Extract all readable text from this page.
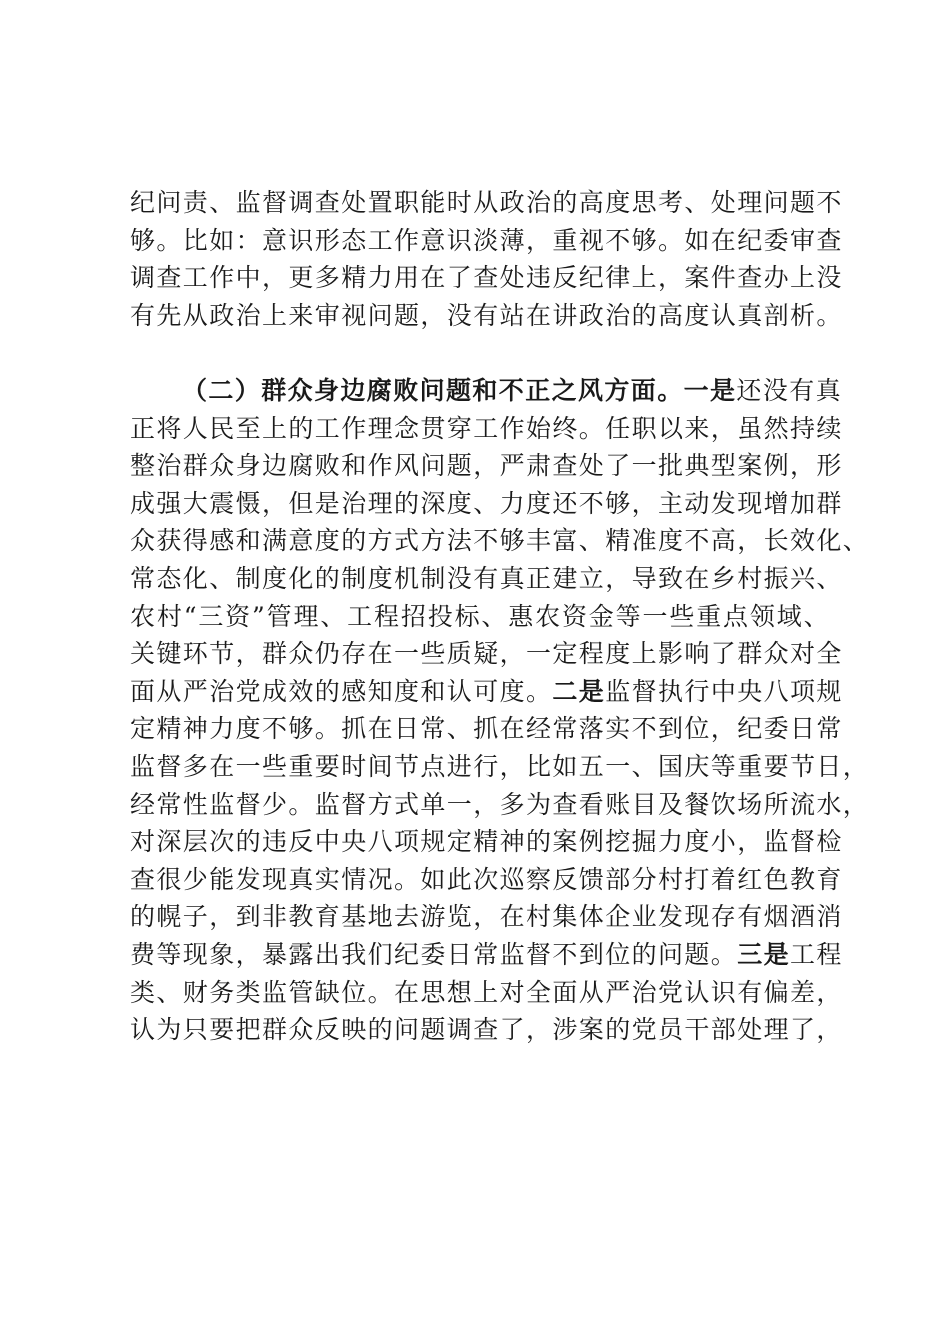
纪问责、监督调查处置职能时从政治的高度思考、处理问题不
够。比如：意识形态工作意识淡薄，重视不够。如在纪委审查
调查工作中，更多精力用在了查处违反纪律上，案件查办上没
有先从政治上来审视问题，没有站在讲政治的高度认真剖析。
（二）群众身边腐败问题和不正之风方面。一是还没有真
正将人民至上的工作理念贯穿工作始终。任职以来，虽然持续
整治群众身边腐败和作风问题，严肃查处了一批典型案例，形
成强大震慑，但是治理的深度、力度还不够，主动发现增加群
众获得感和满意度的方式方法不够丰富、精准度不高，长效化、
常态化、制度化的制度机制没有真正建立，导致在乡村振兴、
农村“三资”管理、工程招投标、惠农资金等一些重点领域、
关键环节，群众仍存在一些质疑，一定程度上影响了群众对全
面从严治党成效的感知度和认可度。二是监督执行中央八项规
定精神力度不够。抓在日常、抓在经常落实不到位，纪委日常
监督多在一些重要时间节点进行，比如五一、国庆等重要节日，
经常性监督少。监督方式单一，多为查看账目及餐饮场所流水，
对深层次的违反中央八项规定精神的案例挖掘力度小，监督检
查很少能发现真实情况。如此次巡察反馈部分村打着红色教育
的幌子，到非教育基地去游览，在村集体企业发现存有烟酒消
费等现象，暴露出我们纪委日常监督不到位的问题。三是工程
类、财务类监管缺位。在思想上对全面从严治党认识有偏差，
认为只要把群众反映的问题调查了，涉案的党员干部处理了，
